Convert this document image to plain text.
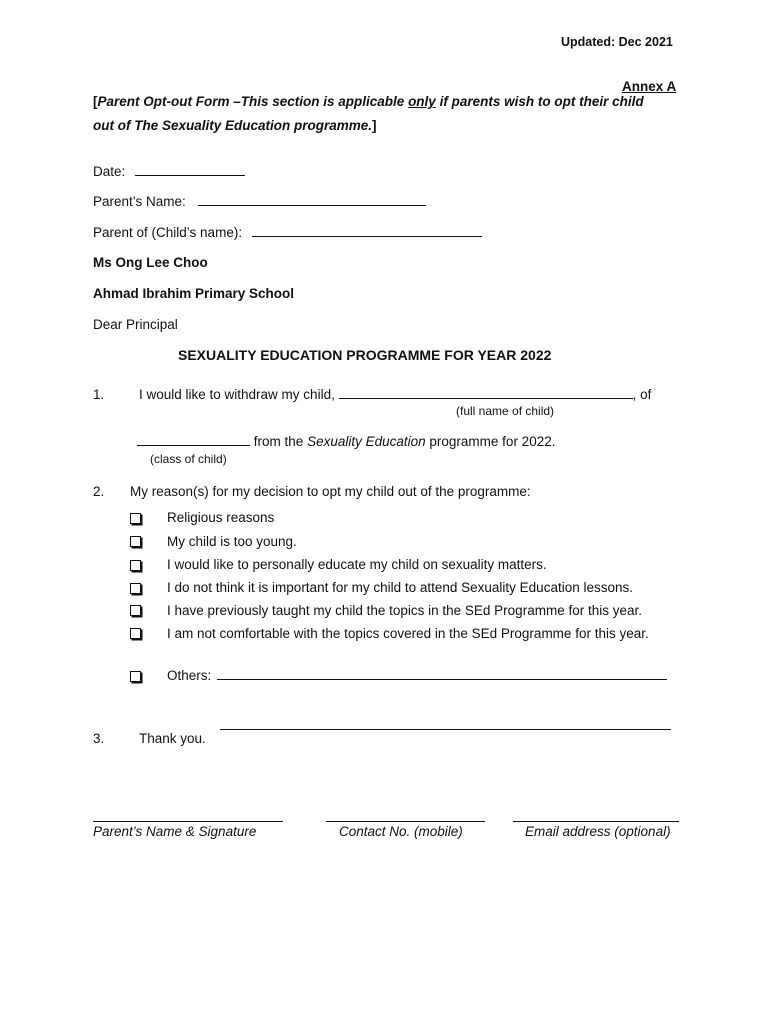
Updated: Dec 2021
Annex A
[Parent Opt-out Form –This section is applicable only if parents wish to opt their child
out of The Sexuality Education programme.]
Date:
Parent’s Name:
Parent of (Child’s name):
Ms Ong Lee Choo
Ahmad Ibrahim Primary School
Dear Principal
SEXUALITY EDUCATION PROGRAMME FOR YEAR 2022
1.	I would like to withdraw my child,	, of
(full name of child)
from the Sexuality Education programme for 2022.
(class of child)
2. My reason(s) for my decision to opt my child out of the programme:
Religious reasons
My child is too young.
I would like to personally educate my child on sexuality matters.
I do not think it is important for my child to attend Sexuality Education lessons.
I have previously taught my child the topics in the SEd Programme for this year.
I am not comfortable with the topics covered in the SEd Programme for this year.
Others:
3.	Thank you.
Parent’s Name & Signature	Contact No. (mobile)	Email address (optional)
